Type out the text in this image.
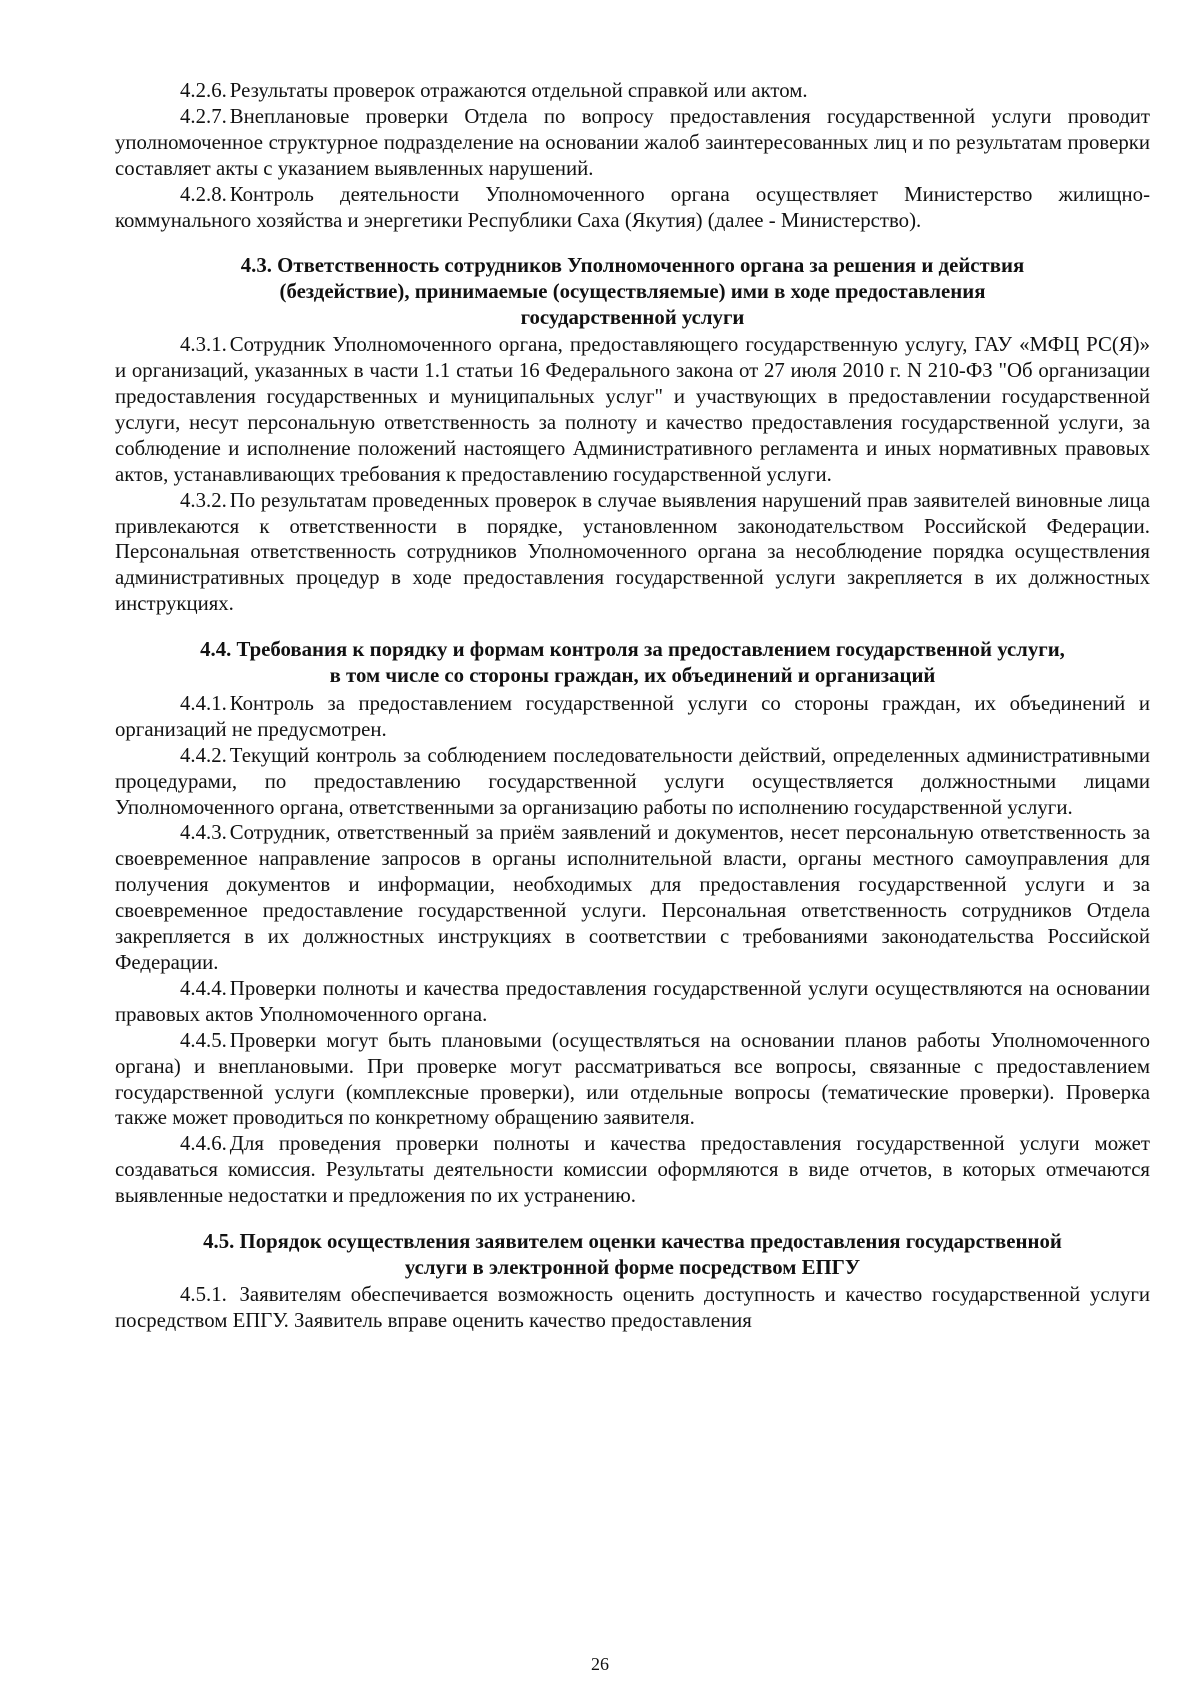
4.2.6. Результаты проверок отражаются отдельной справкой или актом.

4.2.7. Внеплановые проверки Отдела по вопросу предоставления государственной услуги проводит уполномоченное структурное подразделение на основании жалоб заинтересованных лиц и по результатам проверки составляет акты с указанием выявленных нарушений.

4.2.8. Контроль деятельности Уполномоченного органа осуществляет Министерство жилищно-коммунального хозяйства и энергетики Республики Саха (Якутия) (далее - Министерство).

4.3. Ответственность сотрудников Уполномоченного органа за решения и действия
(бездействие), принимаемые (осуществляемые) ими в ходе предоставления
государственной услуги

4.3.1. Сотрудник Уполномоченного органа, предоставляющего государственную услугу, ГАУ «МФЦ РС(Я)» и организаций, указанных в части 1.1 статьи 16 Федерального закона от 27 июля 2010 г. N 210-ФЗ "Об организации предоставления государственных и муниципальных услуг" и участвующих в предоставлении государственной услуги, несут персональную ответственность за полноту и качество предоставления государственной услуги, за соблюдение и исполнение положений настоящего Административного регламента и иных нормативных правовых актов, устанавливающих требования к предоставлению государственной услуги.

4.3.2. По результатам проведенных проверок в случае выявления нарушений прав заявителей виновные лица привлекаются к ответственности в порядке, установленном законодательством Российской Федерации. Персональная ответственность сотрудников Уполномоченного органа за несоблюдение порядка осуществления административных процедур в ходе предоставления государственной услуги закрепляется в их должностных инструкциях.

4.4. Требования к порядку и формам контроля за предоставлением государственной услуги,
в том числе со стороны граждан, их объединений и организаций

4.4.1. Контроль за предоставлением государственной услуги со стороны граждан, их объединений и организаций не предусмотрен.

4.4.2. Текущий контроль за соблюдением последовательности действий, определенных административными процедурами, по предоставлению государственной услуги осуществляется должностными лицами Уполномоченного органа, ответственными за организацию работы по исполнению государственной услуги.

4.4.3. Сотрудник, ответственный за приём заявлений и документов, несет персональную ответственность за своевременное направление запросов в органы исполнительной власти, органы местного самоуправления для получения документов и информации, необходимых для предоставления государственной услуги и за своевременное предоставление государственной услуги. Персональная ответственность сотрудников Отдела закрепляется в их должностных инструкциях в соответствии с требованиями законодательства Российской Федерации.

4.4.4. Проверки полноты и качества предоставления государственной услуги осуществляются на основании правовых актов Уполномоченного органа.

4.4.5. Проверки могут быть плановыми (осуществляться на основании планов работы Уполномоченного органа) и внеплановыми. При проверке могут рассматриваться все вопросы, связанные с предоставлением государственной услуги (комплексные проверки), или отдельные вопросы (тематические проверки). Проверка также может проводиться по конкретному обращению заявителя.

4.4.6. Для проведения проверки полноты и качества предоставления государственной услуги может создаваться комиссия. Результаты деятельности комиссии оформляются в виде отчетов, в которых отмечаются выявленные недостатки и предложения по их устранению.

4.5. Порядок осуществления заявителем оценки качества предоставления государственной
услуги в электронной форме посредством ЕПГУ

4.5.1. Заявителям обеспечивается возможность оценить доступность и качество государственной услуги посредством ЕПГУ. Заявитель вправе оценить качество предоставления

26
